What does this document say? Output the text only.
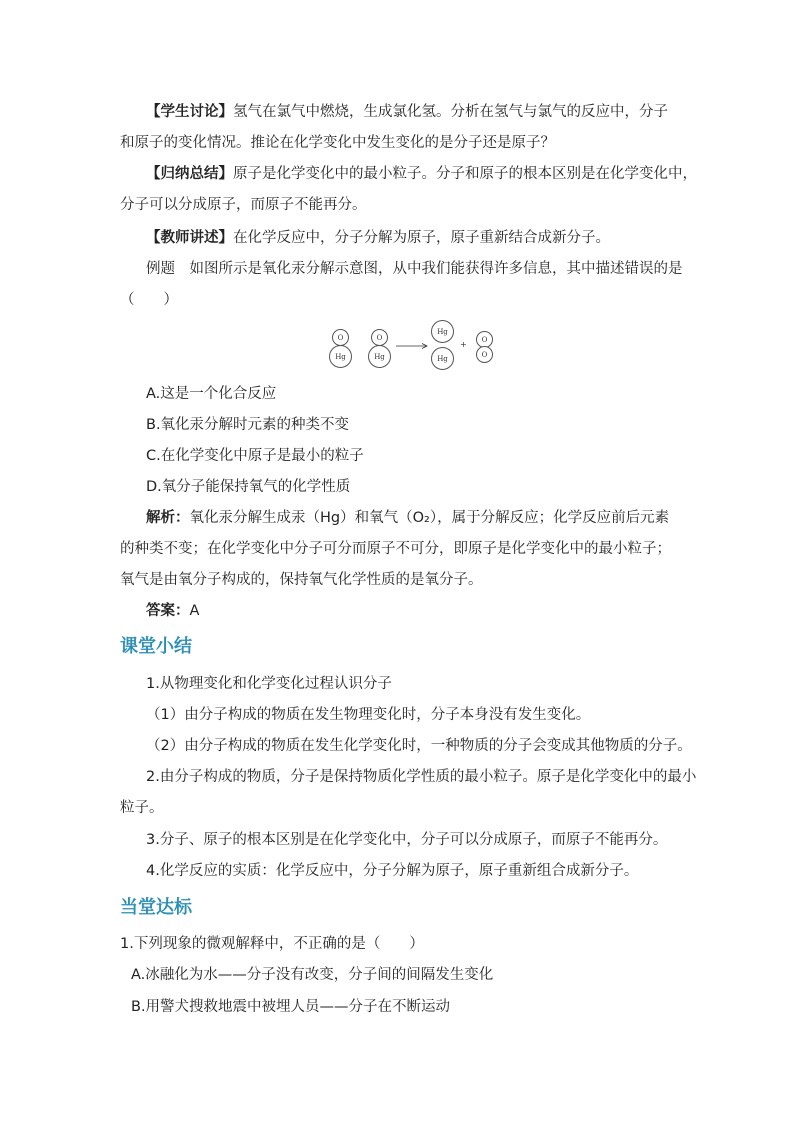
【学生讨论】氢气在氯气中燃烧，生成氯化氢。分析在氢气与氯气的反应中，分子
和原子的变化情况。推论在化学变化中发生变化的是分子还是原子？
【归纳总结】原子是化学变化中的最小粒子。分子和原子的根本区别是在化学变化中，
分子可以分成原子，而原子不能再分。
【教师讲述】在化学反应中，分子分解为原子，原子重新结合成新分子。
例题　如图所示是氧化汞分解示意图，从中我们能获得许多信息，其中描述错误的是
（　　）
O
Hg
O
Hg
Hg
Hg
+
O
O
A.这是一个化合反应
B.氧化汞分解时元素的种类不变
C.在化学变化中原子是最小的粒子
D.氧分子能保持氧气的化学性质
解析：氧化汞分解生成汞（Hg）和氧气（O₂），属于分解反应；化学反应前后元素
的种类不变；在化学变化中分子可分而原子不可分，即原子是化学变化中的最小粒子；
氧气是由氧分子构成的，保持氧气化学性质的是氧分子。
答案：A
课堂小结
1.从物理变化和化学变化过程认识分子
（1）由分子构成的物质在发生物理变化时，分子本身没有发生变化。
（2）由分子构成的物质在发生化学变化时，一种物质的分子会变成其他物质的分子。
2.由分子构成的物质，分子是保持物质化学性质的最小粒子。原子是化学变化中的最小
粒子。
3.分子、原子的根本区别是在化学变化中，分子可以分成原子，而原子不能再分。
4.化学反应的实质：化学反应中，分子分解为原子，原子重新组合成新分子。
当堂达标
1.下列现象的微观解释中，不正确的是（　　）
A.冰融化为水——分子没有改变，分子间的间隔发生变化
B.用警犬搜救地震中被埋人员——分子在不断运动
